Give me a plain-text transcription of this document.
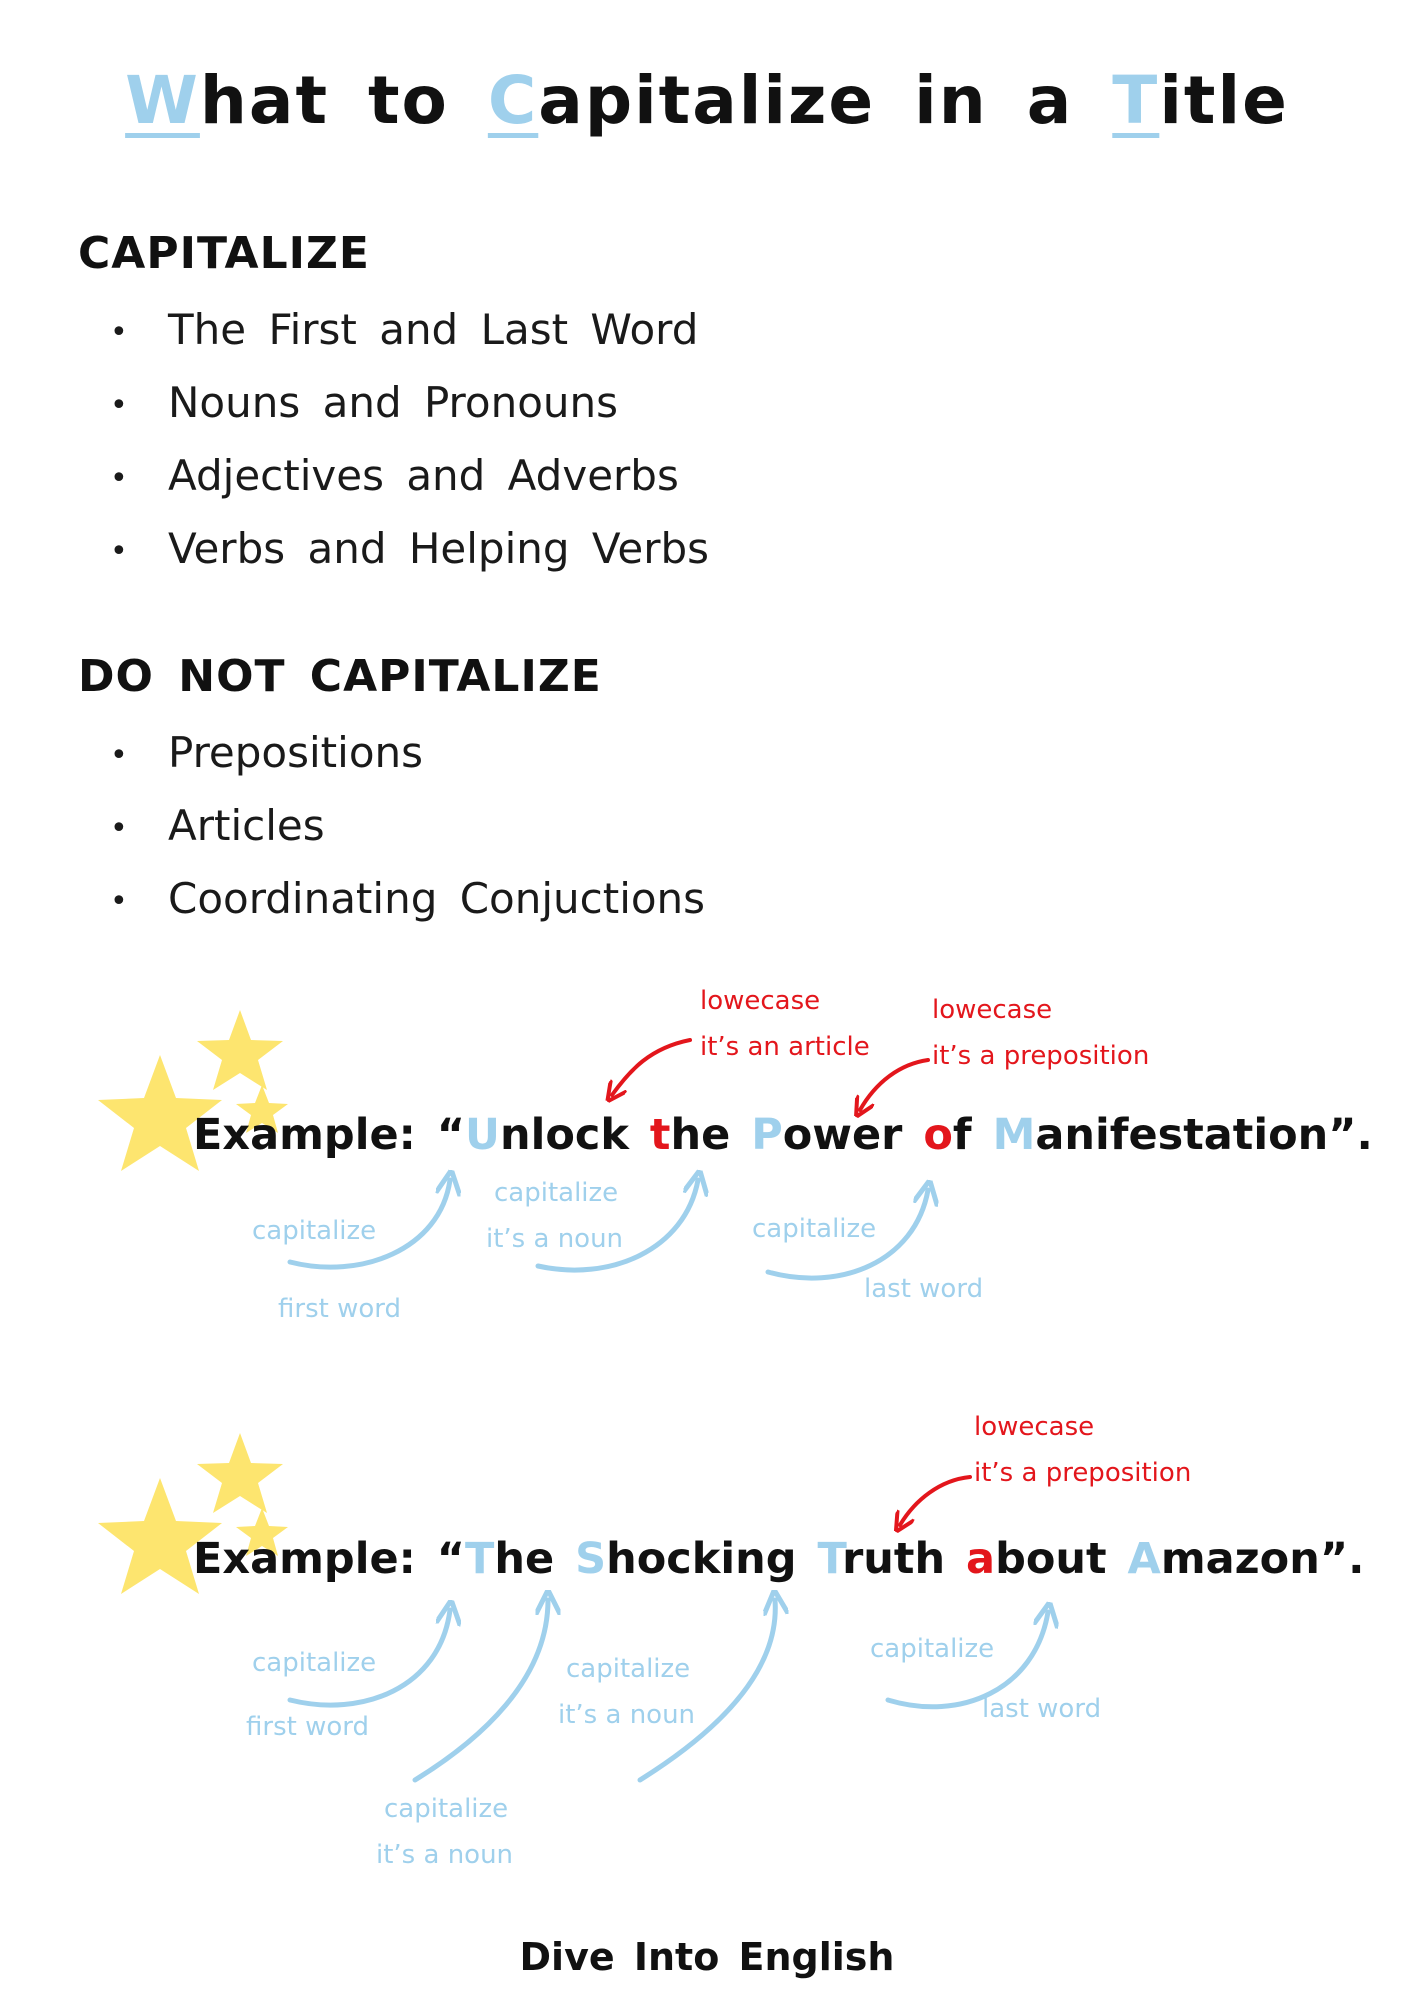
What to Capitalize in a Title
CAPITALIZE
• The First and Last Word
• Nouns and Pronouns
• Adjectives and Adverbs
• Verbs and Helping Verbs
DO NOT CAPITALIZE
• Prepositions
• Articles
• Coordinating Conjuctions
lowecase
it’s an article
lowecase
it’s a preposition
Example: “Unlock the Power of Manifestation”.
capitalize
first word
capitalize
it’s a noun	capitalize
last word
lowecase
it’s a preposition
Example: “The Shocking Truth about Amazon”.
capitalize
first word
capitalize
it’s a noun
capitalize
it’s a noun
capitalize
last word
Dive Into English
